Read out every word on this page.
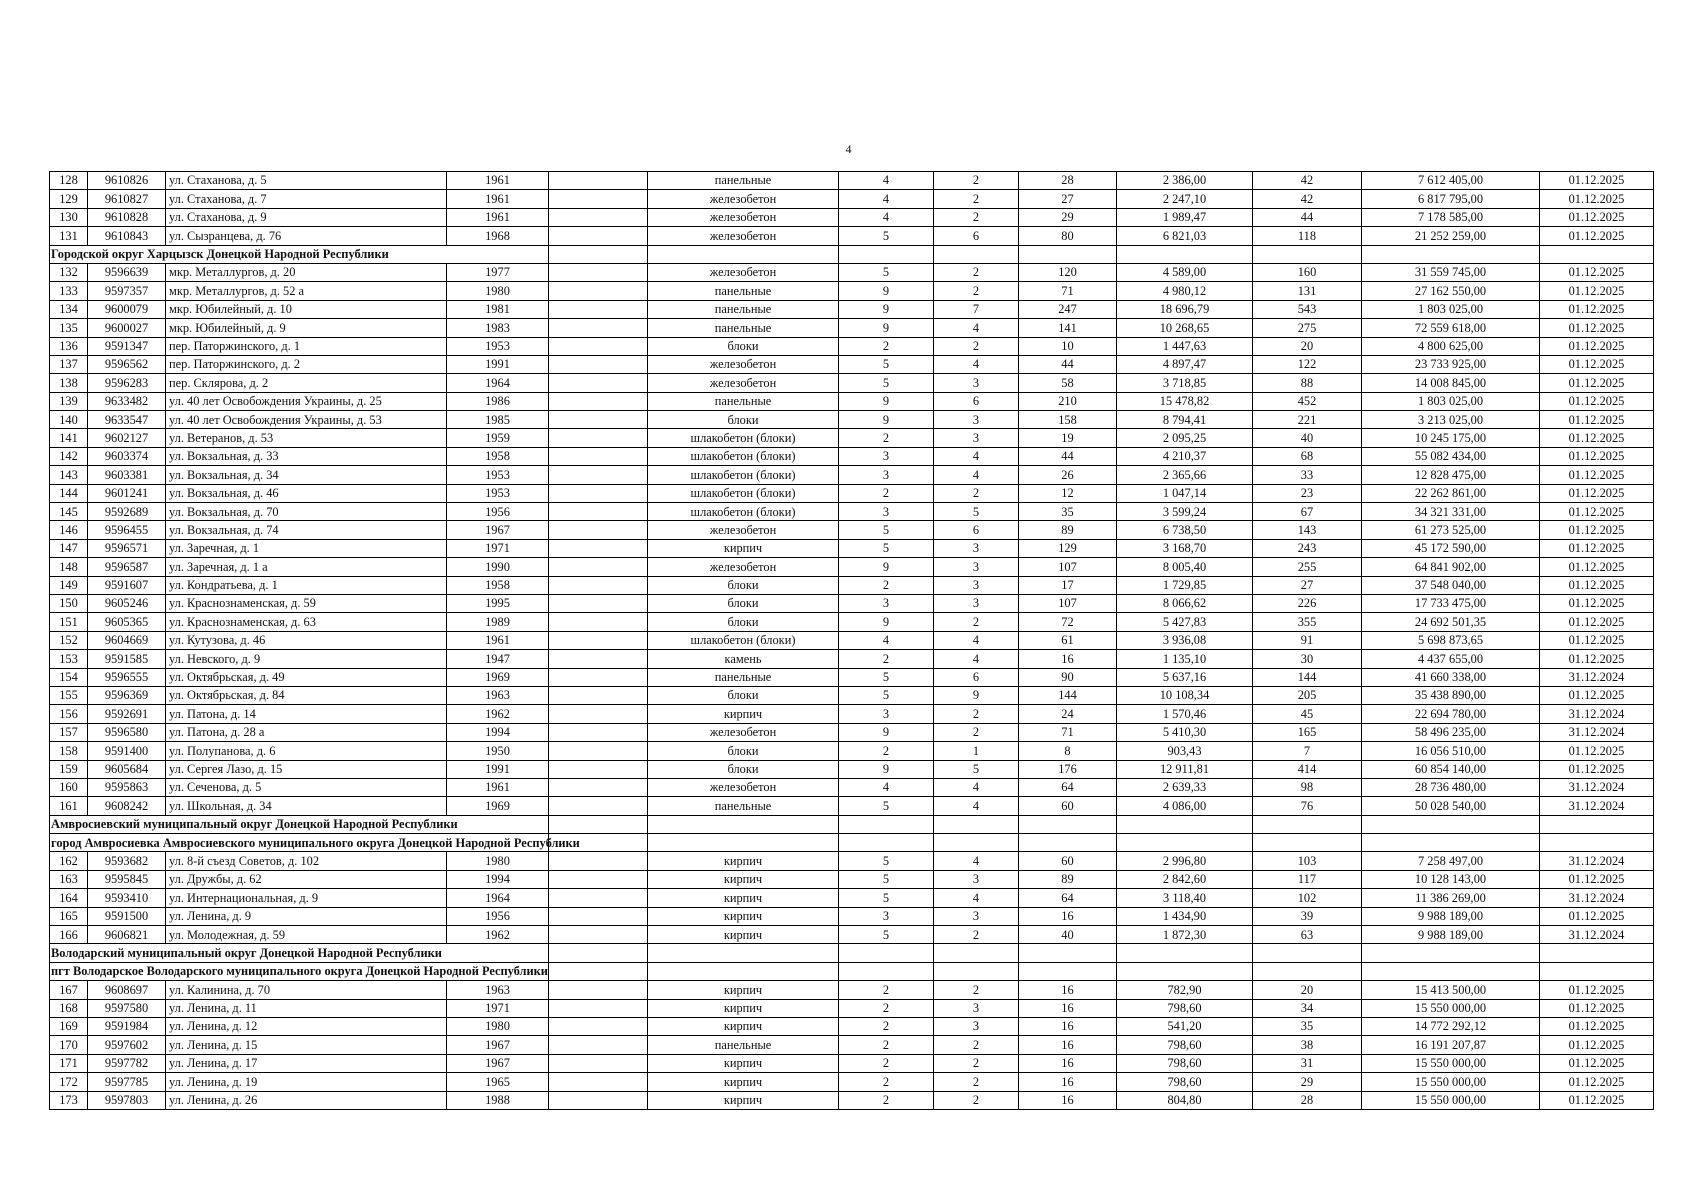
4
128	9610826	ул. Стаханова, д. 5	1961		панельные	4	2	28	2 386,00	42	7 612 405,00	01.12.2025
129	9610827	ул. Стаханова, д. 7	1961		железобетон	4	2	27	2 247,10	42	6 817 795,00	01.12.2025
130	9610828	ул. Стаханова, д. 9	1961		железобетон	4	2	29	1 989,47	44	7 178 585,00	01.12.2025
131	9610843	ул. Сызранцева, д. 76	1968		железобетон	5	6	80	6 821,03	118	21 252 259,00	01.12.2025
Городской округ Харцызск Донецкой Народной Республики												
132	9596639	мкр. Металлургов, д. 20	1977		железобетон	5	2	120	4 589,00	160	31 559 745,00	01.12.2025
133	9597357	мкр. Металлургов, д. 52 а	1980		панельные	9	2	71	4 980,12	131	27 162 550,00	01.12.2025
134	9600079	мкр. Юбилейный, д. 10	1981		панельные	9	7	247	18 696,79	543	1 803 025,00	01.12.2025
135	9600027	мкр. Юбилейный, д. 9	1983		панельные	9	4	141	10 268,65	275	72 559 618,00	01.12.2025
136	9591347	пер. Паторжинского, д. 1	1953		блоки	2	2	10	1 447,63	20	4 800 625,00	01.12.2025
137	9596562	пер. Паторжинского, д. 2	1991		железобетон	5	4	44	4 897,47	122	23 733 925,00	01.12.2025
138	9596283	пер. Склярова, д. 2	1964		железобетон	5	3	58	3 718,85	88	14 008 845,00	01.12.2025
139	9633482	ул. 40 лет Освобождения Украины, д. 25	1986		панельные	9	6	210	15 478,82	452	1 803 025,00	01.12.2025
140	9633547	ул. 40 лет Освобождения Украины, д. 53	1985		блоки	9	3	158	8 794,41	221	3 213 025,00	01.12.2025
141	9602127	ул. Ветеранов, д. 53	1959		шлакобетон (блоки)	2	3	19	2 095,25	40	10 245 175,00	01.12.2025
142	9603374	ул. Вокзальная, д. 33	1958		шлакобетон (блоки)	3	4	44	4 210,37	68	55 082 434,00	01.12.2025
143	9603381	ул. Вокзальная, д. 34	1953		шлакобетон (блоки)	3	4	26	2 365,66	33	12 828 475,00	01.12.2025
144	9601241	ул. Вокзальная, д. 46	1953		шлакобетон (блоки)	2	2	12	1 047,14	23	22 262 861,00	01.12.2025
145	9592689	ул. Вокзальная, д. 70	1956		шлакобетон (блоки)	3	5	35	3 599,24	67	34 321 331,00	01.12.2025
146	9596455	ул. Вокзальная, д. 74	1967		железобетон	5	6	89	6 738,50	143	61 273 525,00	01.12.2025
147	9596571	ул. Заречная, д. 1	1971		кирпич	5	3	129	3 168,70	243	45 172 590,00	01.12.2025
148	9596587	ул. Заречная, д. 1 а	1990		железобетон	9	3	107	8 005,40	255	64 841 902,00	01.12.2025
149	9591607	ул. Кондратьева, д. 1	1958		блоки	2	3	17	1 729,85	27	37 548 040,00	01.12.2025
150	9605246	ул. Краснознаменская, д. 59	1995		блоки	3	3	107	8 066,62	226	17 733 475,00	01.12.2025
151	9605365	ул. Краснознаменская, д. 63	1989		блоки	9	2	72	5 427,83	355	24 692 501,35	01.12.2025
152	9604669	ул. Кутузова, д. 46	1961		шлакобетон (блоки)	4	4	61	3 936,08	91	5 698 873,65	01.12.2025
153	9591585	ул. Невского, д. 9	1947		камень	2	4	16	1 135,10	30	4 437 655,00	01.12.2025
154	9596555	ул. Октябрьская, д. 49	1969		панельные	5	6	90	5 637,16	144	41 660 338,00	31.12.2024
155	9596369	ул. Октябрьская, д. 84	1963		блоки	5	9	144	10 108,34	205	35 438 890,00	01.12.2025
156	9592691	ул. Патона, д. 14	1962		кирпич	3	2	24	1 570,46	45	22 694 780,00	31.12.2024
157	9596580	ул. Патона, д. 28 а	1994		железобетон	9	2	71	5 410,30	165	58 496 235,00	31.12.2024
158	9591400	ул. Полупанова, д. 6	1950		блоки	2	1	8	903,43	7	16 056 510,00	01.12.2025
159	9605684	ул. Сергея Лазо, д. 15	1991		блоки	9	5	176	12 911,81	414	60 854 140,00	01.12.2025
160	9595863	ул. Сеченова, д. 5	1961		железобетон	4	4	64	2 639,33	98	28 736 480,00	31.12.2024
161	9608242	ул. Школьная, д. 34	1969		панельные	5	4	60	4 086,00	76	50 028 540,00	31.12.2024
Амвросиевский муниципальный округ Донецкой Народной Республики												
город Амвросиевка Амвросиевского муниципального округа Донецкой Народной Республики												
162	9593682	ул. 8-й съезд Советов, д. 102	1980		кирпич	5	4	60	2 996,80	103	7 258 497,00	31.12.2024
163	9595845	ул. Дружбы, д. 62	1994		кирпич	5	3	89	2 842,60	117	10 128 143,00	01.12.2025
164	9593410	ул. Интернациональная, д. 9	1964		кирпич	5	4	64	3 118,40	102	11 386 269,00	31.12.2024
165	9591500	ул. Ленина, д. 9	1956		кирпич	3	3	16	1 434,90	39	9 988 189,00	01.12.2025
166	9606821	ул. Молодежная, д. 59	1962		кирпич	5	2	40	1 872,30	63	9 988 189,00	31.12.2024
Володарский муниципальный округ Донецкой Народной Республики												
пгт Володарское Володарского муниципального округа Донецкой Народной Республики												
167	9608697	ул. Калинина, д. 70	1963		кирпич	2	2	16	782,90	20	15 413 500,00	01.12.2025
168	9597580	ул. Ленина, д. 11	1971		кирпич	2	3	16	798,60	34	15 550 000,00	01.12.2025
169	9591984	ул. Ленина, д. 12	1980		кирпич	2	3	16	541,20	35	14 772 292,12	01.12.2025
170	9597602	ул. Ленина, д. 15	1967		панельные	2	2	16	798,60	38	16 191 207,87	01.12.2025
171	9597782	ул. Ленина, д. 17	1967		кирпич	2	2	16	798,60	31	15 550 000,00	01.12.2025
172	9597785	ул. Ленина, д. 19	1965		кирпич	2	2	16	798,60	29	15 550 000,00	01.12.2025
173	9597803	ул. Ленина, д. 26	1988		кирпич	2	2	16	804,80	28	15 550 000,00	01.12.2025
